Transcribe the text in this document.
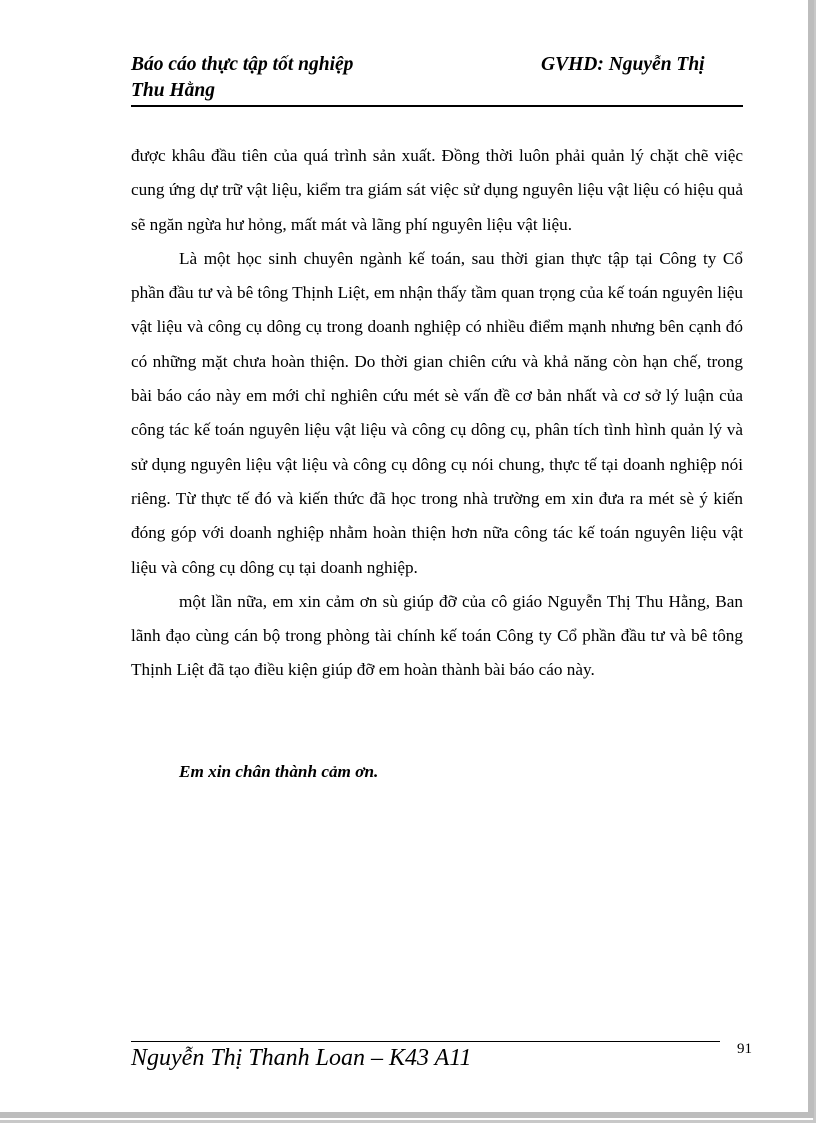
Báo cáo thực tập tốt nghiệp	GVHD: Nguyễn Thị
Thu Hằng

được khâu đầu tiên của quá trình sản xuất. Đồng thời luôn phải quản lý chặt chẽ việc cung ứng dự trữ vật liệu, kiểm tra giám sát việc sử dụng nguyên liệu vật liệu có hiệu quả sẽ ngăn ngừa hư hỏng, mất mát và lãng phí nguyên liệu vật liệu.

Là một học sinh chuyên ngành kế toán, sau thời gian thực tập tại Công ty Cổ phần đầu tư và bê tông Thịnh Liệt, em nhận thấy tầm quan trọng của kế toán nguyên liệu vật liệu và công cụ dông cụ trong doanh nghiệp có nhiều điểm mạnh nhưng bên cạnh đó có những mặt chưa hoàn thiện. Do thời gian chiên cứu và khả năng còn hạn chế, trong bài báo cáo này em mới chỉ nghiên cứu mét sè vấn đề cơ bản nhất và cơ sở lý luận của công tác kế toán nguyên liệu vật liệu và công cụ dông cụ, phân tích tình hình quản lý và sử dụng nguyên liệu vật liệu và công cụ dông cụ nói chung, thực tế tại doanh nghiệp nói riêng. Từ thực tế đó và kiến thức đã học trong nhà trường em xin đưa ra mét sè ý kiến đóng góp với doanh nghiệp nhằm hoàn thiện hơn nữa công tác kế toán nguyên liệu vật liệu và công cụ dông cụ tại doanh nghiệp.

một lần nữa, em xin cảm ơn sù giúp đỡ của cô giáo Nguyễn Thị Thu Hằng, Ban lãnh đạo cùng cán bộ trong phòng tài chính kế toán Công ty Cổ phần đầu tư và bê tông Thịnh Liệt đã tạo điều kiện giúp đỡ em hoàn thành bài báo cáo này.

Em xin chân thành cảm ơn.
Nguyễn Thị Thanh Loan – K43 A11	91
